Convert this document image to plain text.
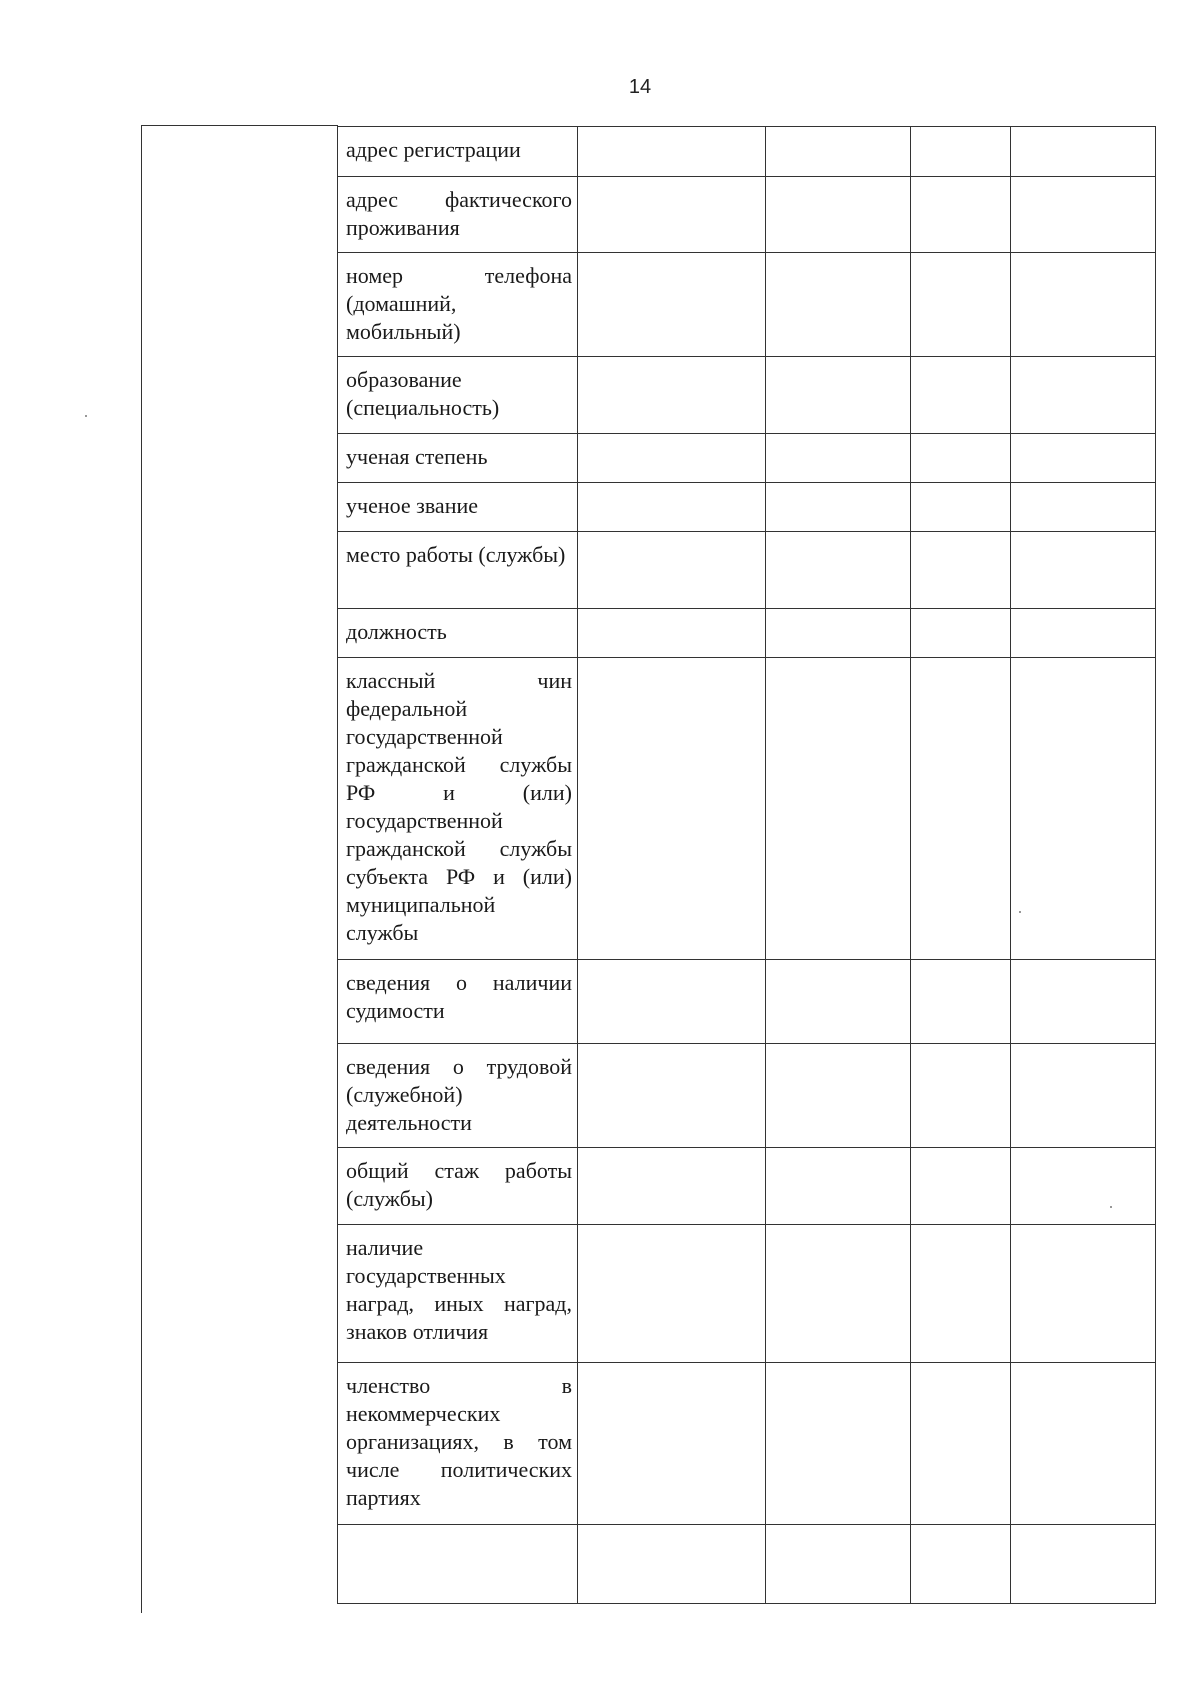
14
адрес регистрации				
адрес фактического проживания				
номер телефона (домашний, мобильный)				
образование (специальность)				
ученая степень				
ученое звание				
место работы (службы)				
должность				
классный чин федеральной государственной гражданской службы РФ и (или) государственной гражданской службы субъекта РФ и (или) муниципальной службы				
сведения о наличии судимости				
сведения о трудовой (служебной) деятельности				
общий стаж работы (службы)				
наличие государственных наград, иных наград, знаков отличия				
членство в некоммерческих организациях, в том числе политических партиях				
